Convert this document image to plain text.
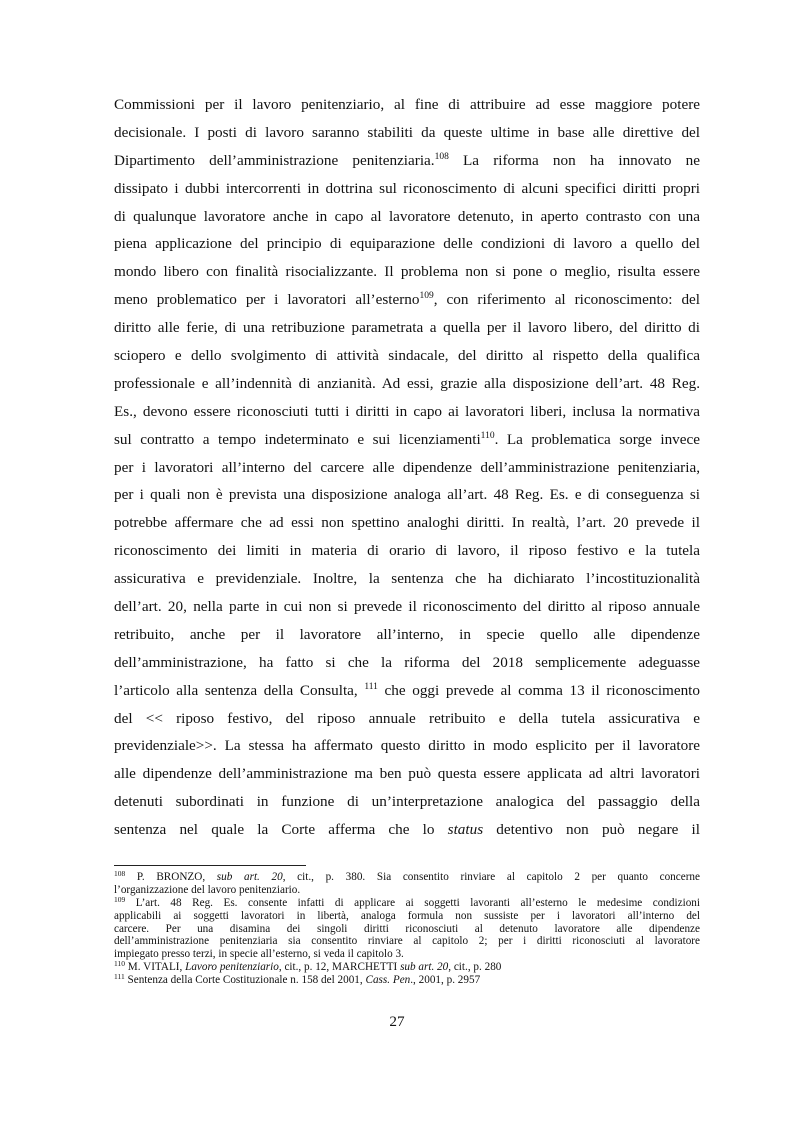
Commissioni per il lavoro penitenziario, al fine di attribuire ad esse maggiore potere
decisionale. I posti di lavoro saranno stabiliti da queste ultime in base alle direttive del
Dipartimento dell’amministrazione penitenziaria.$^{108}$ La riforma non ha innovato ne
dissipato i dubbi intercorrenti in dottrina sul riconoscimento di alcuni specifici diritti propri
di qualunque lavoratore anche in capo al lavoratore detenuto, in aperto contrasto con una
piena applicazione del principio di equiparazione delle condizioni di lavoro a quello del
mondo libero con finalità risocializzante. Il problema non si pone o meglio, risulta essere
meno problematico per i lavoratori all’esterno$^{109}$, con riferimento al riconoscimento: del
diritto alle ferie, di una retribuzione parametrata a quella per il lavoro libero, del diritto di
sciopero e dello svolgimento di attività sindacale, del diritto al rispetto della qualifica
professionale e all’indennità di anzianità. Ad essi, grazie alla disposizione dell’art. 48 Reg.
Es., devono essere riconosciuti tutti i diritti in capo ai lavoratori liberi, inclusa la normativa
sul contratto a tempo indeterminato e sui licenziamenti$^{110}$. La problematica sorge invece
per i lavoratori all’interno del carcere alle dipendenze dell’amministrazione penitenziaria,
per i quali non è prevista una disposizione analoga all’art. 48 Reg. Es. e di conseguenza si
potrebbe affermare che ad essi non spettino analoghi diritti. In realtà, l’art. 20 prevede il
riconoscimento dei limiti in materia di orario di lavoro, il riposo festivo e la tutela
assicurativa e previdenziale. Inoltre, la sentenza che ha dichiarato l’incostituzionalità
dell’art. 20, nella parte in cui non si prevede il riconoscimento del diritto al riposo annuale
retribuito, anche per il lavoratore all’interno, in specie quello alle dipendenze
dell’amministrazione, ha fatto si che la riforma del 2018 semplicemente adeguasse
l’articolo alla sentenza della Consulta, $^{111}$ che oggi prevede al comma 13 il riconoscimento
del << riposo festivo, del riposo annuale retribuito e della tutela assicurativa e
previdenziale>>. La stessa ha affermato questo diritto in modo esplicito per il lavoratore
alle dipendenze dell’amministrazione ma ben può questa essere applicata ad altri lavoratori
detenuti subordinati in funzione di un’interpretazione analogica del passaggio della
sentenza nel quale la Corte afferma che lo status detentivo non può negare il
$^{108}$ P. BRONZO, sub art. 20, cit., p. 380. Sia consentito rinviare al capitolo 2 per quanto concerne
l’organizzazione del lavoro penitenziario.
$^{109}$ L’art. 48 Reg. Es. consente infatti di applicare ai soggetti lavoranti all’esterno le medesime condizioni
applicabili ai soggetti lavoratori in libertà, analoga formula non sussiste per i lavoratori all’interno del
carcere. Per una disamina dei singoli diritti riconosciuti al detenuto lavoratore alle dipendenze
dell’amministrazione penitenziaria sia consentito rinviare al capitolo 2; per i diritti riconosciuti al lavoratore
impiegato presso terzi, in specie all’esterno, si veda il capitolo 3.
$^{110}$ M. VITALI, Lavoro penitenziario, cit., p. 12, MARCHETTI sub art. 20, cit., p. 280
$^{111}$ Sentenza della Corte Costituzionale n. 158 del 2001, Cass. Pen., 2001, p. 2957
27
